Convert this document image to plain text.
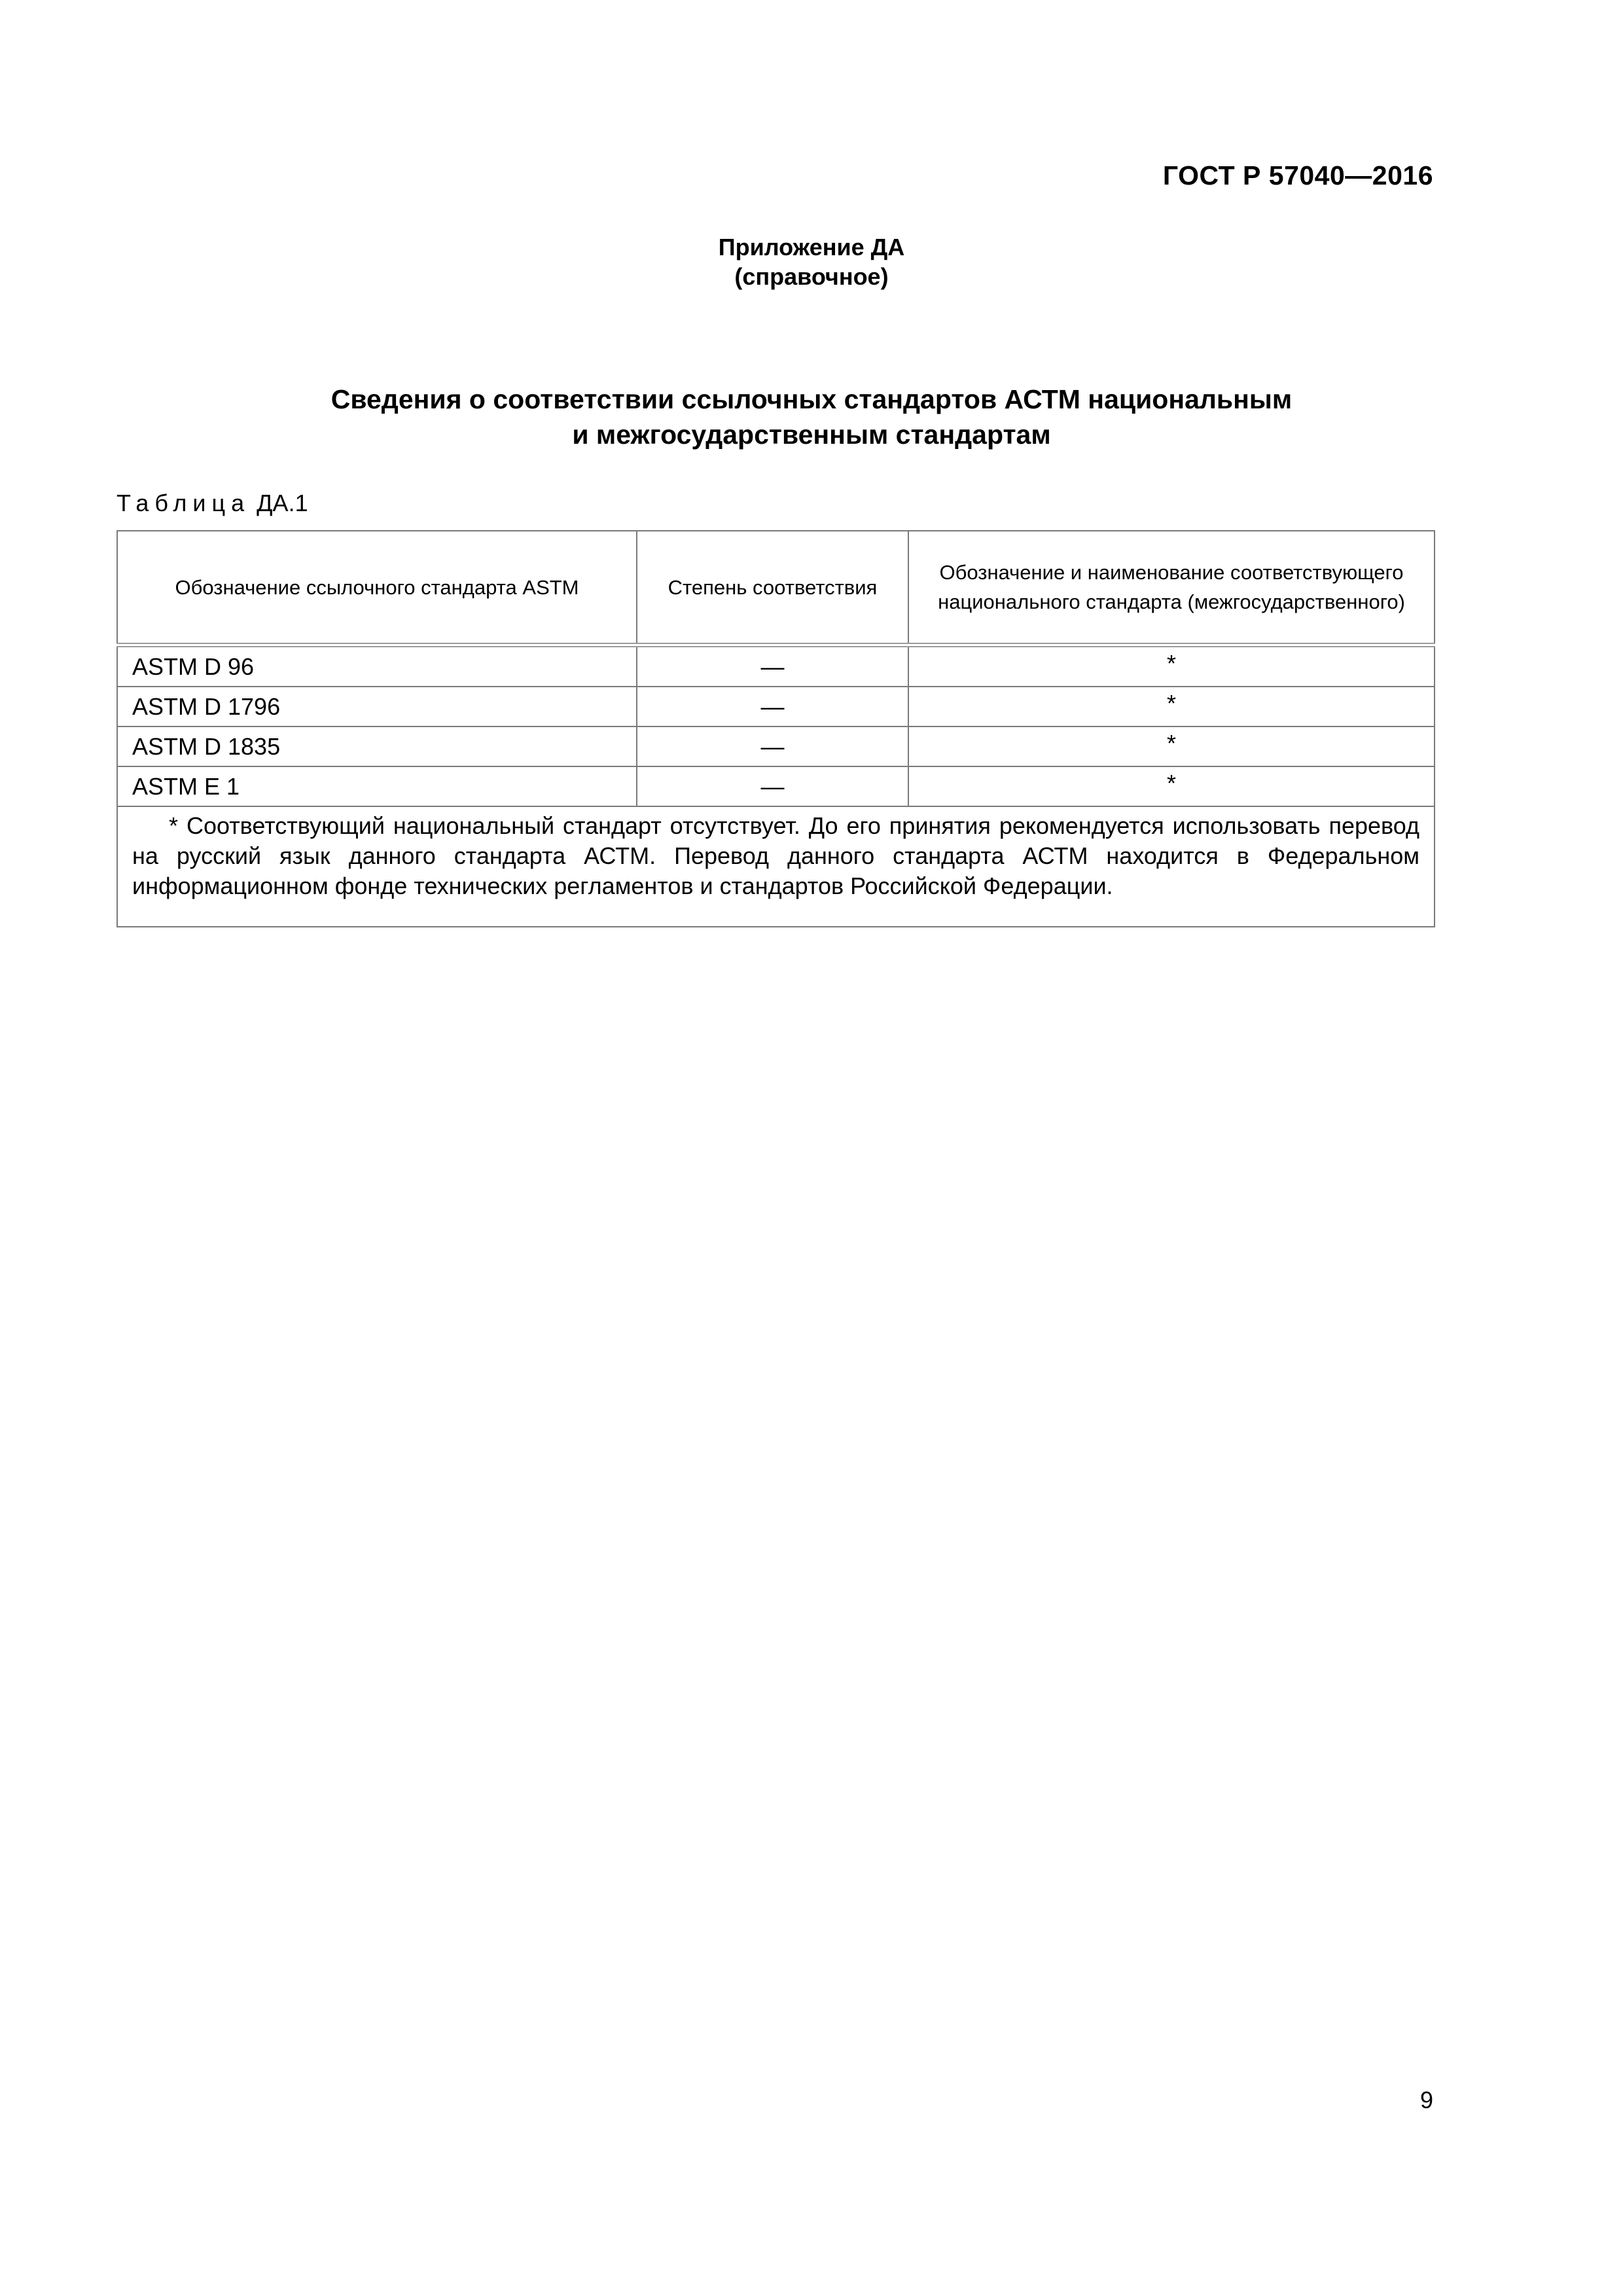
ГОСТ Р 57040—2016
Приложение ДА
(справочное)
Сведения о соответствии ссылочных стандартов АСТМ национальным
и межгосударственным стандартам
Таблица ДА.1
Обозначение ссылочного стандарта ASTM	Степень соответствия	Обозначение и наименование соответствующего национального стандарта (межгосударственного)
ASTM D 96	—	*
ASTM D 1796	—	*
ASTM D 1835	—	*
ASTM E 1	—	*

* Соответствующий национальный стандарт отсутствует. До его принятия рекомендуется использовать перевод на русский язык данного стандарта АСТМ. Перевод данного стандарта АСТМ находится в Федеральном информационном фонде технических регламентов и стандартов Российской Федерации.		
9
